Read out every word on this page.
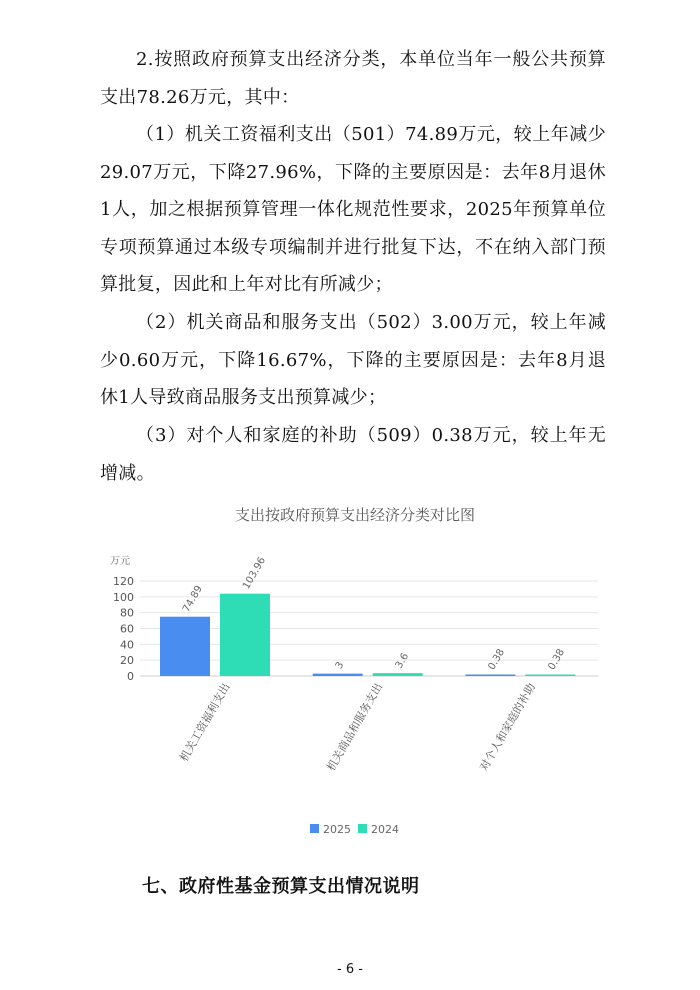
2.按照政府预算支出经济分类，本单位当年一般公共预算支出78.26万元，其中：

（1）机关工资福利支出（501）74.89万元，较上年减少29.07万元，下降27.96%，下降的主要原因是：去年8月退休1人，加之根据预算管理一体化规范性要求，2025年预算单位专项预算通过本级专项编制并进行批复下达，不在纳入部门预算批复，因此和上年对比有所减少；

（2）机关商品和服务支出（502）3.00万元，较上年减少0.60万元，下降16.67%，下降的主要原因是：去年8月退休1人导致商品服务支出预算减少；

（3）对个人和家庭的补助（509）0.38万元，较上年无增减。

支出按政府预算支出经济分类对比图
万元
0
20
40
60
80
100
120
74.89
103.96
机关工资福利支出
3	3.6
机关商品和服务支出
0.38	0.38
对个人和家庭的补助
2025 2024
七、政府性基金预算支出情况说明

- 6 -
